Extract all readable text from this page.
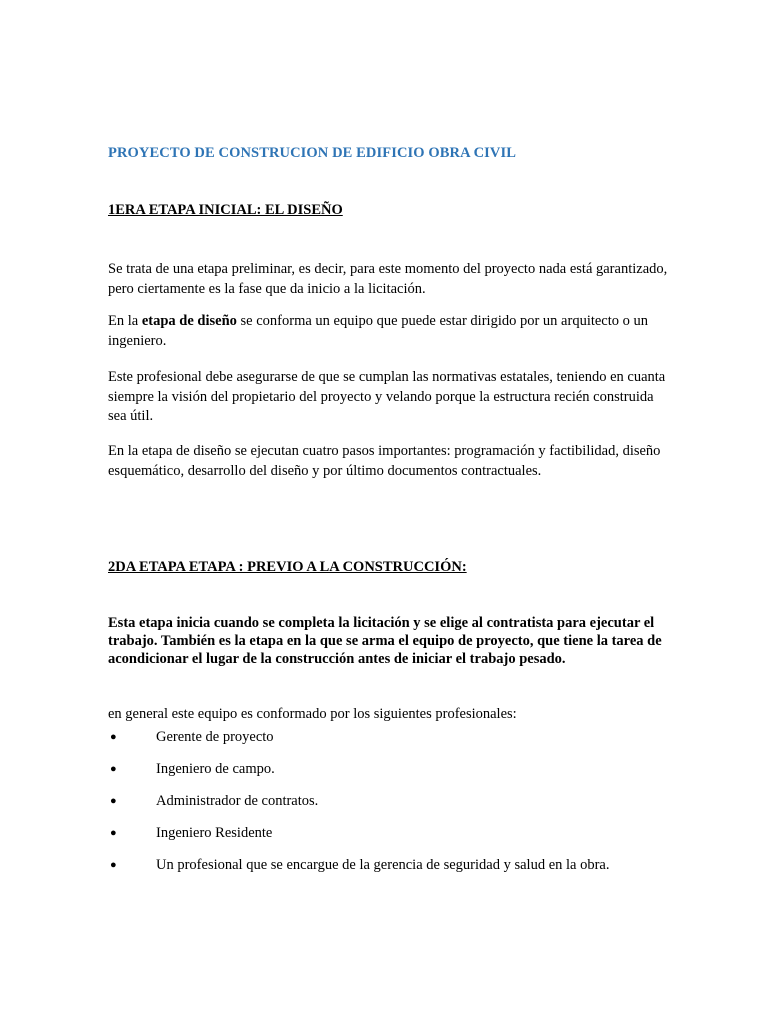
PROYECTO DE CONSTRUCION DE EDIFICIO OBRA CIVIL
1ERA ETAPA INICIAL: EL DISEÑO
Se trata de una etapa preliminar, es decir, para este momento del proyecto nada está garantizado, pero ciertamente es la fase que da inicio a la licitación.
En la etapa de diseño se conforma un equipo que puede estar dirigido por un arquitecto o un ingeniero.
Este profesional debe asegurarse de que se cumplan las normativas estatales, teniendo en cuanta siempre la visión del propietario del proyecto y velando porque la estructura recién construida sea útil.
En la etapa de diseño se ejecutan cuatro pasos importantes: programación y factibilidad, diseño esquemático, desarrollo del diseño y por último documentos contractuales.
2DA ETAPA ETAPA : PREVIO A LA CONSTRUCCIÓN:
Esta etapa inicia cuando se completa la licitación y se elige al contratista para ejecutar el trabajo. También es la etapa en la que se arma el equipo de proyecto, que tiene la tarea de acondicionar el lugar de la construcción antes de iniciar el trabajo pesado.
en general este equipo es conformado por los siguientes profesionales:
●	Gerente de proyecto
●	Ingeniero de campo.
●	Administrador de contratos.
●	Ingeniero Residente
●	Un profesional que se encargue de la gerencia de seguridad y salud en la obra.
